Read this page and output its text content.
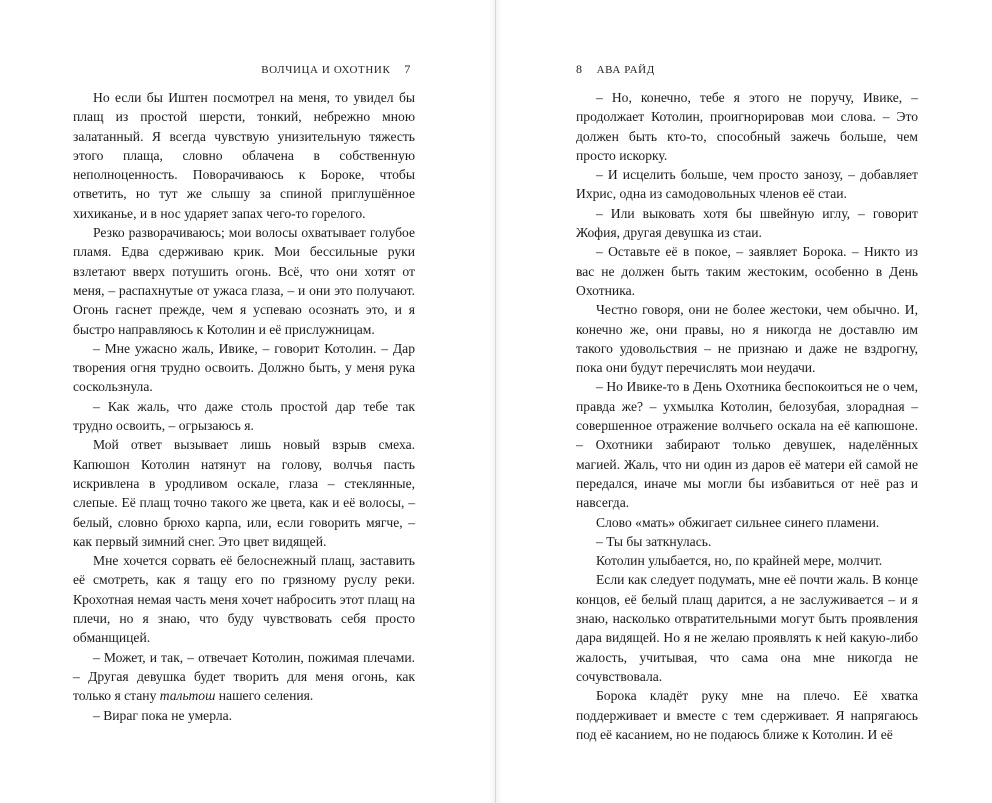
ВОЛЧИЦА И ОХОТНИК 7

Но если бы Иштен посмотрел на меня, то увидел бы плащ из простой шерсти, тонкий, небрежно мною залатанный. Я всегда чувствую унизительную тяжесть этого плаща, словно облачена в собственную неполноценность. Поворачиваюсь к Бороке, чтобы ответить, но тут же слышу за спиной приглушённое хихиканье, и в нос ударяет запах чего-то горелого.

Резко разворачиваюсь; мои волосы охватывает голубое пламя. Едва сдерживаю крик. Мои бессильные руки взлетают вверх потушить огонь. Всё, что они хотят от меня, – распахнутые от ужаса глаза, – и они это получают. Огонь гаснет прежде, чем я успеваю осознать это, и я быстро направляюсь к Котолин и её прислужницам.

– Мне ужасно жаль, Ивике, – говорит Котолин. – Дар творения огня трудно освоить. Должно быть, у меня рука соскользнула.

– Как жаль, что даже столь простой дар тебе так трудно освоить, – огрызаюсь я.

Мой ответ вызывает лишь новый взрыв смеха. Капюшон Котолин натянут на голову, волчья пасть искривлена в уродливом оскале, глаза – стеклянные, слепые. Её плащ точно такого же цвета, как и её волосы, – белый, словно брюхо карпа, или, если говорить мягче, – как первый зимний снег. Это цвет видящей.

Мне хочется сорвать её белоснежный плащ, заставить её смотреть, как я тащу его по грязному руслу реки. Крохотная немая часть меня хочет набросить этот плащ на плечи, но я знаю, что буду чувствовать себя просто обманщицей.

– Может, и так, – отвечает Котолин, пожимая плечами. – Другая девушка будет творить для меня огонь, как только я стану тальтош нашего селения.

– Вираг пока не умерла.

8 АВА РАЙД

– Но, конечно, тебе я этого не поручу, Ивике, – продолжает Котолин, проигнорировав мои слова. – Это должен быть кто-то, способный зажечь больше, чем просто искорку.

– И исцелить больше, чем просто занозу, – добавляет Ихрис, одна из самодовольных членов её стаи.

– Или выковать хотя бы швейную иглу, – говорит Жофия, другая девушка из стаи.

– Оставьте её в покое, – заявляет Борока. – Никто из вас не должен быть таким жестоким, особенно в День Охотника.

Честно говоря, они не более жестоки, чем обычно. И, конечно же, они правы, но я никогда не доставлю им такого удовольствия – не признаю и даже не вздрогну, пока они будут перечислять мои неудачи.

– Но Ивике-то в День Охотника беспокоиться не о чем, правда же? – ухмылка Котолин, белозубая, злорадная – совершенное отражение волчьего оскала на её капюшоне. – Охотники забирают только девушек, наделённых магией. Жаль, что ни один из даров её матери ей самой не передался, иначе мы могли бы избавиться от неё раз и навсегда.

Слово «мать» обжигает сильнее синего пламени.

– Ты бы заткнулась.

Котолин улыбается, но, по крайней мере, молчит.

Если как следует подумать, мне её почти жаль. В конце концов, её белый плащ дарится, а не заслуживается – и я знаю, насколько отвратительными могут быть проявления дара видящей. Но я не желаю проявлять к ней какую-либо жалость, учитывая, что сама она мне никогда не сочувствовала.

Борока кладёт руку мне на плечо. Её хватка поддерживает и вместе с тем сдерживает. Я напрягаюсь под её касанием, но не подаюсь ближе к Котолин. И её
